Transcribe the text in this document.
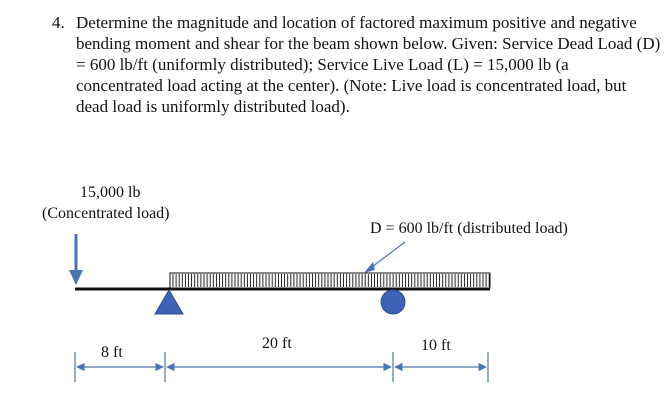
4. Determine the magnitude and location of factored maximum positive and negative
bending moment and shear for the beam shown below. Given: Service Dead Load (D)
= 600 lb/ft (uniformly distributed); Service Live Load (L) = 15,000 lb (a
concentrated load acting at the center). (Note: Live load is concentrated load, but
dead load is uniformly distributed load).
15,000 lb
(Concentrated load)
D = 600 lb/ft (distributed load)
8 ft
20 ft	10 ft
